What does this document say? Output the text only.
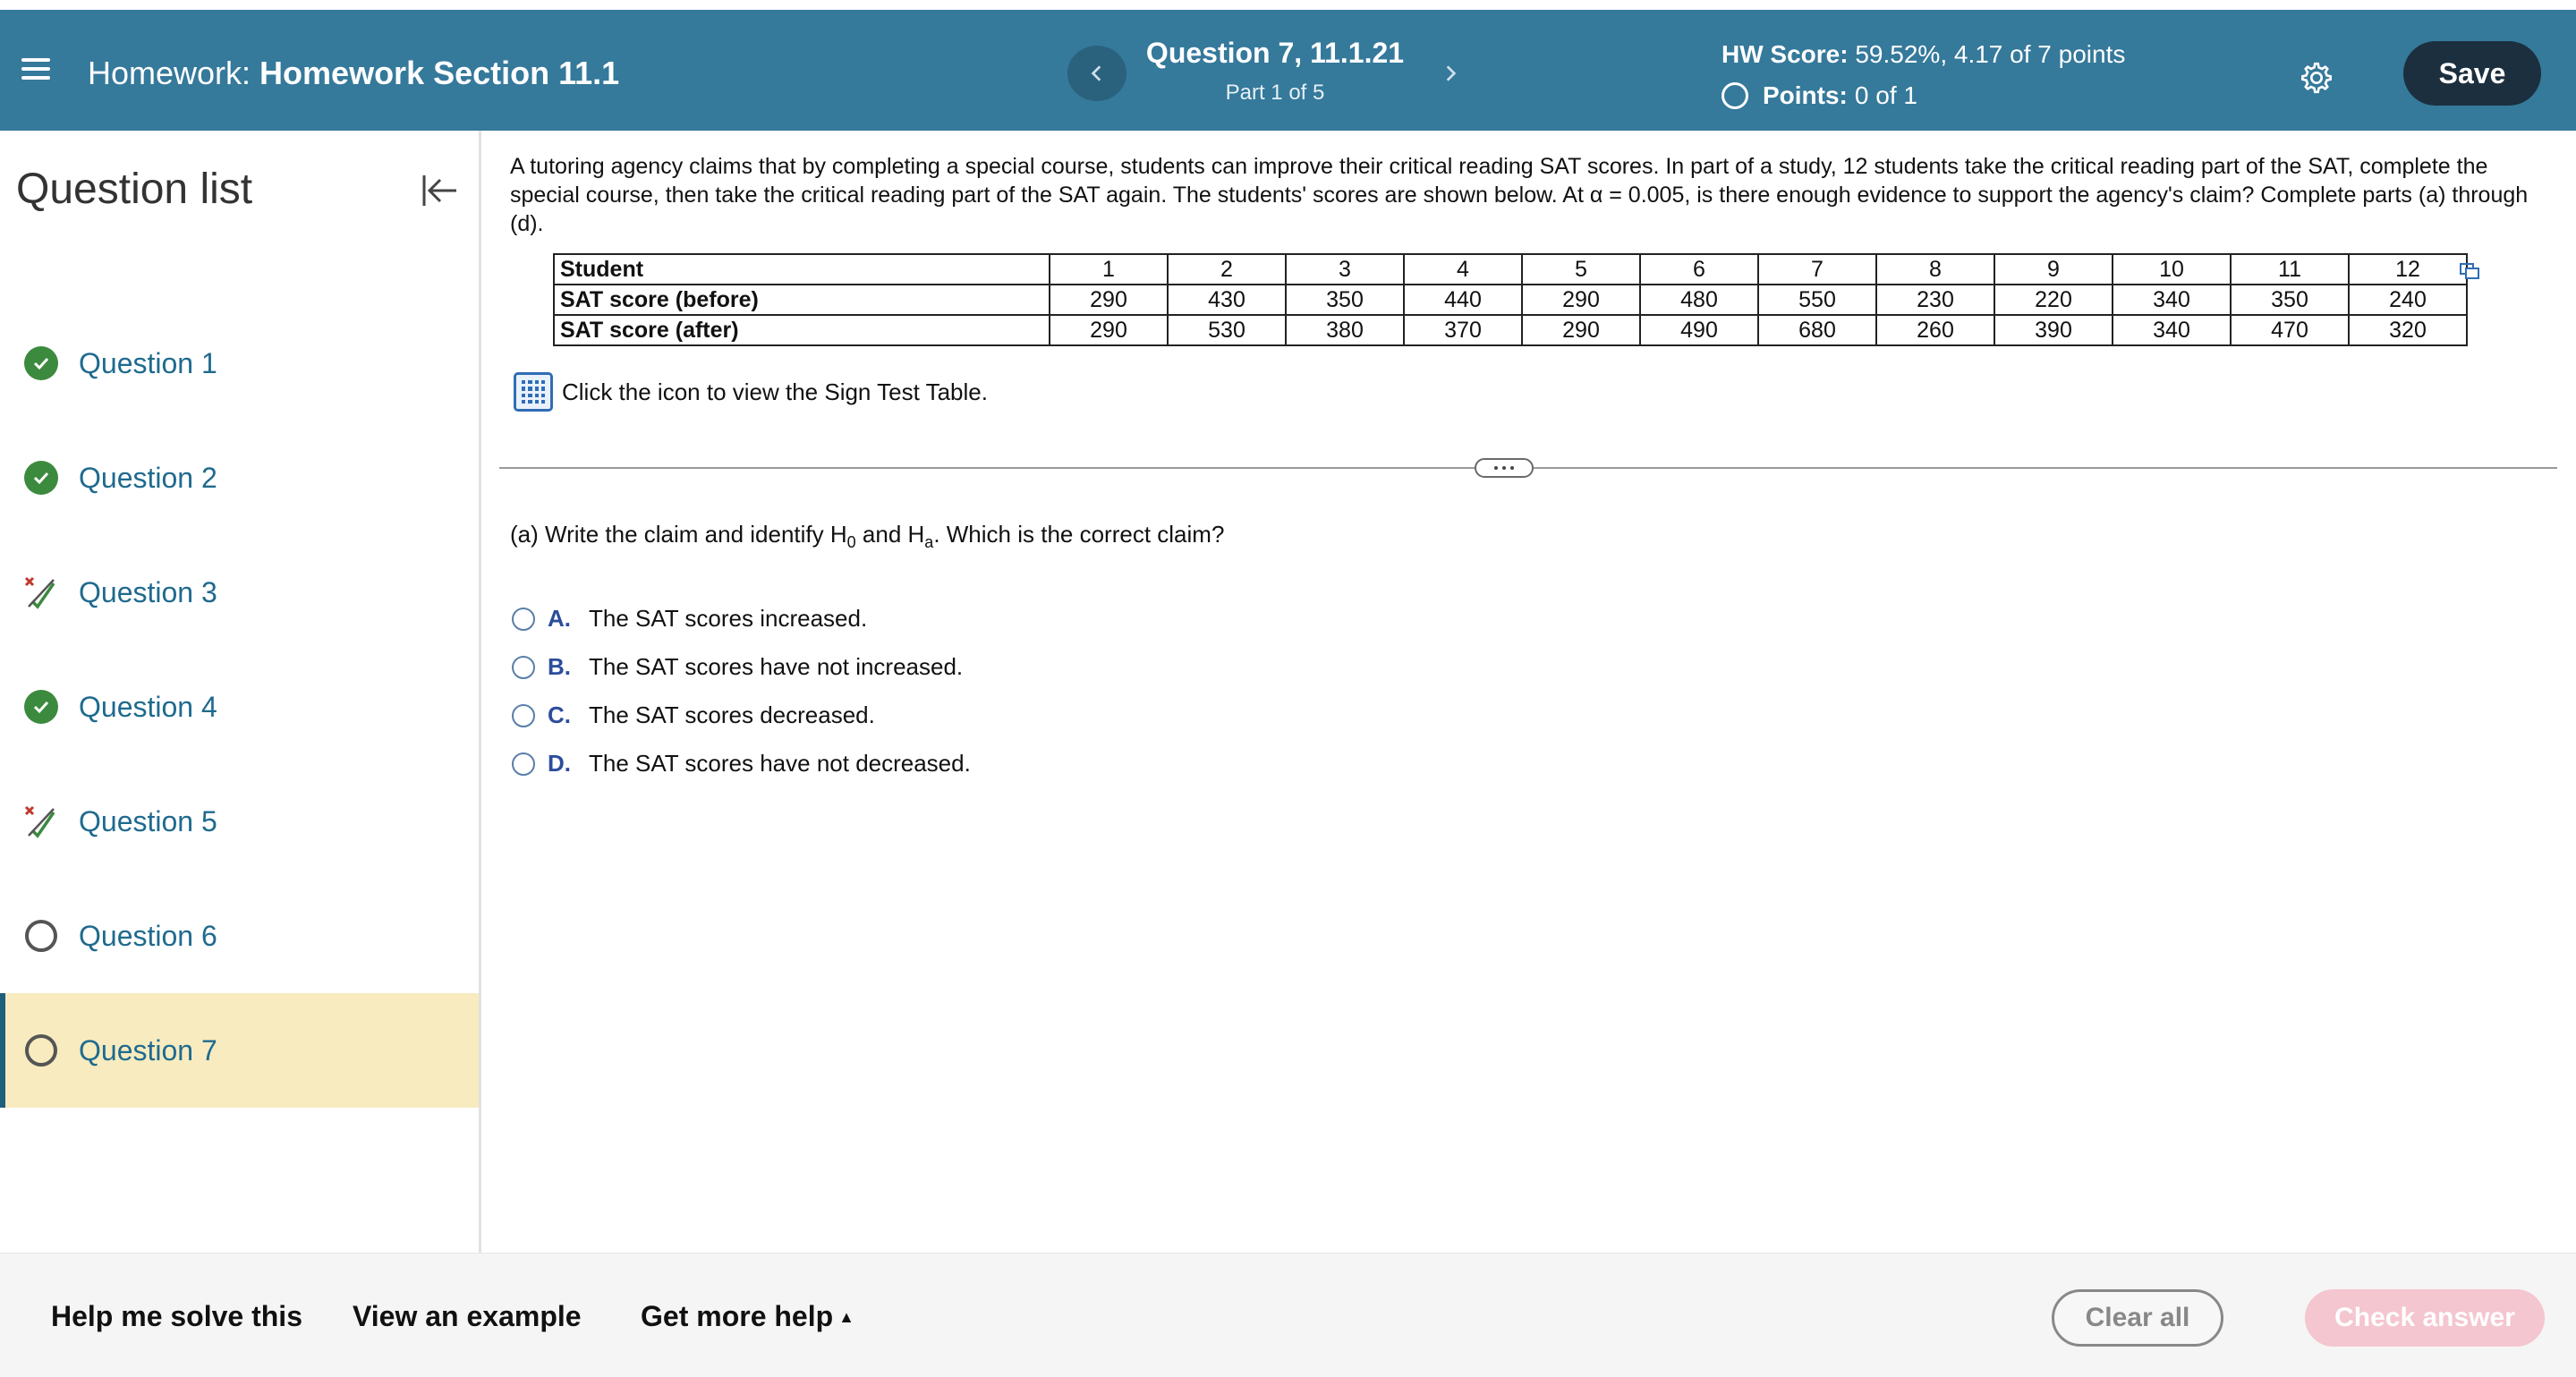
Homework: Homework Section 11.1
Question 7, 11.1.21
Part 1 of 5
HW Score: 59.52%, 4.17 of 7 points
Points: 0 of 1
Save
Question list
Question 1
Question 2
Question 3
Question 4
Question 5
Question 6
Question 7
A tutoring agency claims that by completing a special course, students can improve their critical reading SAT scores. In part of a study, 12 students take the critical reading part of the SAT, complete the special course, then take the critical reading part of the SAT again. The students' scores are shown below. At α = 0.005, is there enough evidence to support the agency's claim? Complete parts (a) through (d).
Student	1	2	3	4	5	6	7	8	9	10	11	12
SAT score (before)	290	430	350	440	290	480	550	230	220	340	350	240
SAT score (after)	290	530	380	370	290	490	680	260	390	340	470	320
Click the icon to view the Sign Test Table.
(a) Write the claim and identify $H_0$ and $H_a$. Which is the correct claim?
A. The SAT scores increased.
B. The SAT scores have not increased.
C. The SAT scores decreased.
D. The SAT scores have not decreased.
Help me solve this View an example Get more help ▲	Clear all	Check answer
